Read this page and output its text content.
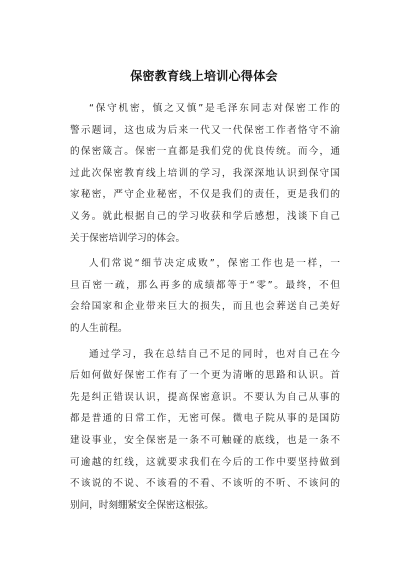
保密教育线上培训心得体会
“保守机密，慎之又慎”是毛泽东同志对保密工作的
警示题词，这也成为后来一代又一代保密工作者恪守不渝
的保密箴言。保密一直都是我们党的优良传统。而今，通
过此次保密教育线上培训的学习，我深深地认识到保守国
家秘密，严守企业秘密，不仅是我们的责任，更是我们的
义务。就此根据自己的学习收获和学后感想，浅谈下自己
关于保密培训学习的体会。
人们常说“细节决定成败”，保密工作也是一样，一
旦百密一疏，那么再多的成绩都等于“零”。最终，不但
会给国家和企业带来巨大的损失，而且也会葬送自己美好
的人生前程。
通过学习，我在总结自己不足的同时，也对自己在今
后如何做好保密工作有了一个更为清晰的思路和认识。首
先是纠正错误认识，提高保密意识。不要认为自己从事的
都是普通的日常工作，无密可保。微电子院从事的是国防
建设事业，安全保密是一条不可触碰的底线，也是一条不
可逾越的红线，这就要求我们在今后的工作中要坚持做到
不该说的不说、不该看的不看、不该听的不听、不该问的
别问，时刻绷紧安全保密这根弦。
